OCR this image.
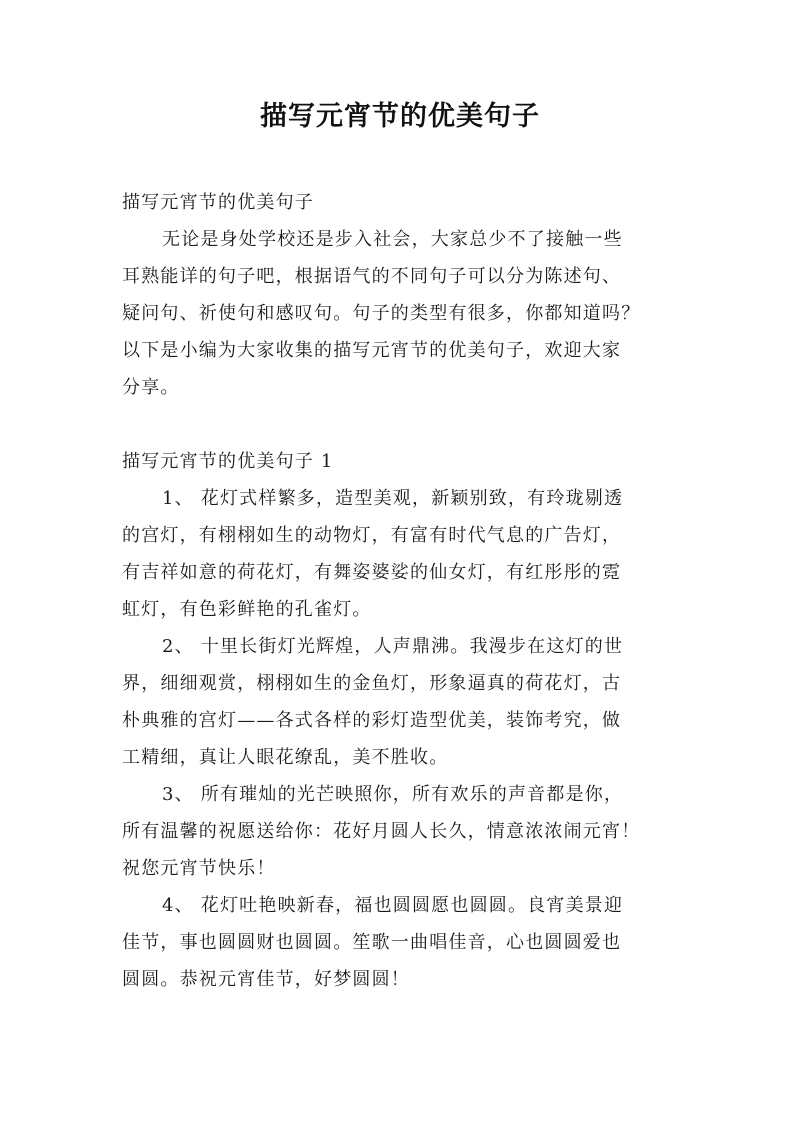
描写元宵节的优美句子
描写元宵节的优美句子
无论是身处学校还是步入社会，大家总少不了接触一些
耳熟能详的句子吧，根据语气的不同句子可以分为陈述句、
疑问句、祈使句和感叹句。句子的类型有很多，你都知道吗？
以下是小编为大家收集的描写元宵节的优美句子，欢迎大家
分享。
描写元宵节的优美句子 1
1、 花灯式样繁多，造型美观，新颖别致，有玲珑剔透
的宫灯，有栩栩如生的动物灯，有富有时代气息的广告灯，
有吉祥如意的荷花灯，有舞姿婆娑的仙女灯，有红彤彤的霓
虹灯，有色彩鲜艳的孔雀灯。
2、 十里长街灯光辉煌，人声鼎沸。我漫步在这灯的世
界，细细观赏，栩栩如生的金鱼灯，形象逼真的荷花灯，古
朴典雅的宫灯——各式各样的彩灯造型优美，装饰考究，做
工精细，真让人眼花缭乱，美不胜收。
3、 所有璀灿的光芒映照你，所有欢乐的声音都是你，
所有温馨的祝愿送给你：花好月圆人长久，情意浓浓闹元宵！
祝您元宵节快乐！
4、 花灯吐艳映新春，福也圆圆愿也圆圆。良宵美景迎
佳节，事也圆圆财也圆圆。笙歌一曲唱佳音，心也圆圆爱也
圆圆。恭祝元宵佳节，好梦圆圆！
